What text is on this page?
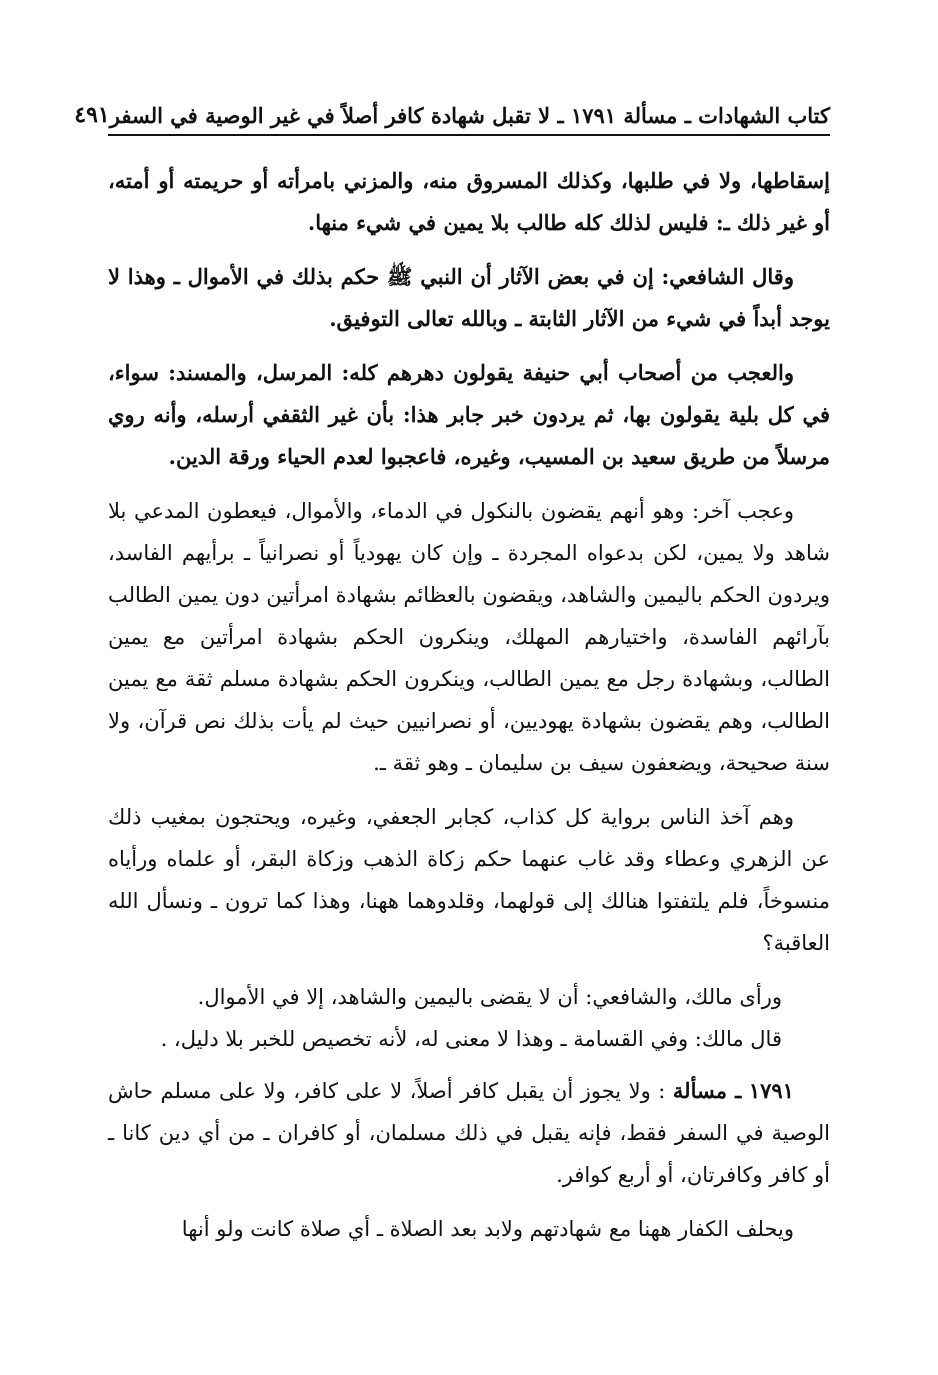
كتاب الشهادات ـ مسألة ١٧٩١ ـ لا تقبل شهادة كافر أصلاً في غير الوصية في السفر
٤٩١

إسقاطها، ولا في طلبها، وكذلك المسروق منه، والمزني بامرأته أو حريمته أو أمته، أو غير ذلك ـ: فليس لذلك كله طالب بلا يمين في شيء منها.

وقال الشافعي: إن في بعض الآثار أن النبي ﷺ حكم بذلك في الأموال ـ وهذا لا يوجد أبداً في شيء من الآثار الثابتة ـ وبالله تعالى التوفيق.

والعجب من أصحاب أبي حنيفة يقولون دهرهم كله: المرسل، والمسند: سواء، في كل بلية يقولون بها، ثم يردون خبر جابر هذا: بأن غير الثقفي أرسله، وأنه روي مرسلاً من طريق سعيد بن المسيب، وغيره، فاعجبوا لعدم الحياء ورقة الدين.

وعجب آخر: وهو أنهم يقضون بالنكول في الدماء، والأموال، فيعطون المدعي بلا شاهد ولا يمين، لكن بدعواه المجردة ـ وإن كان يهودياً أو نصرانياً ـ برأيهم الفاسد، ويردون الحكم باليمين والشاهد، ويقضون بالعظائم بشهادة امرأتين دون يمين الطالب بآرائهم الفاسدة، واختيارهم المهلك، وينكرون الحكم بشهادة امرأتين مع يمين الطالب، وبشهادة رجل مع يمين الطالب، وينكرون الحكم بشهادة مسلم ثقة مع يمين الطالب، وهم يقضون بشهادة يهوديين، أو نصرانيين حيث لم يأت بذلك نص قرآن، ولا سنة صحيحة، ويضعفون سيف بن سليمان ـ وهو ثقة ـ.

وهم آخذ الناس برواية كل كذاب، كجابر الجعفي، وغيره، ويحتجون بمغيب ذلك عن الزهري وعطاء وقد غاب عنهما حكم زكاة الذهب وزكاة البقر، أو علماه ورأياه منسوخاً، فلم يلتفتوا هنالك إلى قولهما، وقلدوهما ههنا، وهذا كما ترون ـ ونسأل الله العاقبة؟

ورأى مالك، والشافعي: أن لا يقضى باليمين والشاهد، إلا في الأموال.

قال مالك: وفي القسامة ـ وهذا لا معنى له، لأنه تخصيص للخبر بلا دليل، .

١٧٩١ ـ مسألة : ولا يجوز أن يقبل كافر أصلاً، لا على كافر، ولا على مسلم حاش الوصية في السفر فقط، فإنه يقبل في ذلك مسلمان، أو كافران ـ من أي دين كانا ـ أو كافر وكافرتان، أو أربع كوافر.

ويحلف الكفار ههنا مع شهادتهم ولابد بعد الصلاة ـ أي صلاة كانت ولو أنها
